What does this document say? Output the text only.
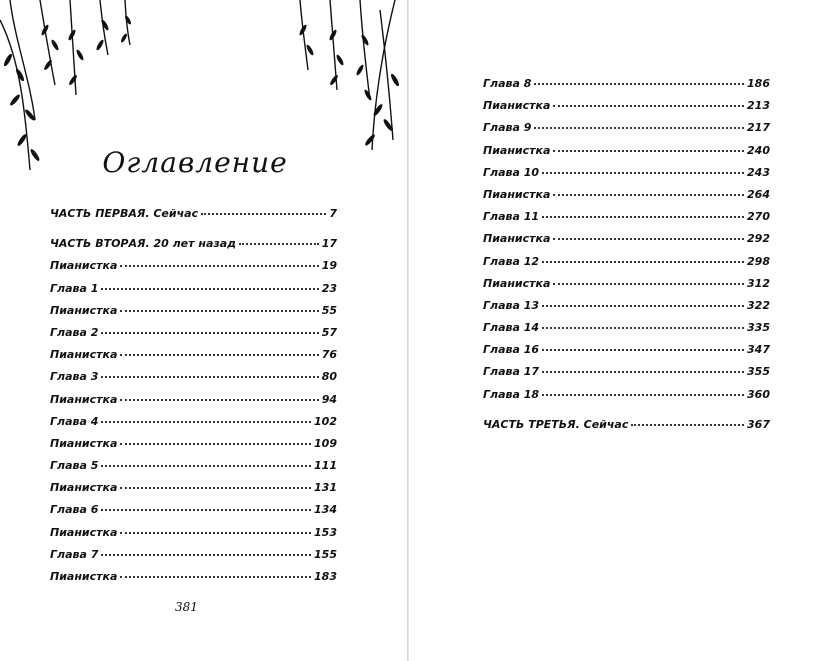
Оглавление
ЧАСТЬ ПЕРВАЯ. Сейчас	7
ЧАСТЬ ВТОРАЯ. 20 лет назад	17
Пианистка	19
Глава 1	23
Пианистка	55
Глава 2	57
Пианистка	76
Глава 3	80
Пианистка	94
Глава 4	102
Пианистка	109
Глава 5	111
Пианистка	131
Глава 6	134
Пианистка	153
Глава 7	155
Пианистка	183
381
Глава 8	186
Пианистка	213
Глава 9	217
Пианистка	240
Глава 10	243
Пианистка	264
Глава 11	270
Пианистка	292
Глава 12	298
Пианистка	312
Глава 13	322
Глава 14	335
Глава 16	347
Глава 17	355
Глава 18	360
ЧАСТЬ ТРЕТЬЯ. Сейчас	367
